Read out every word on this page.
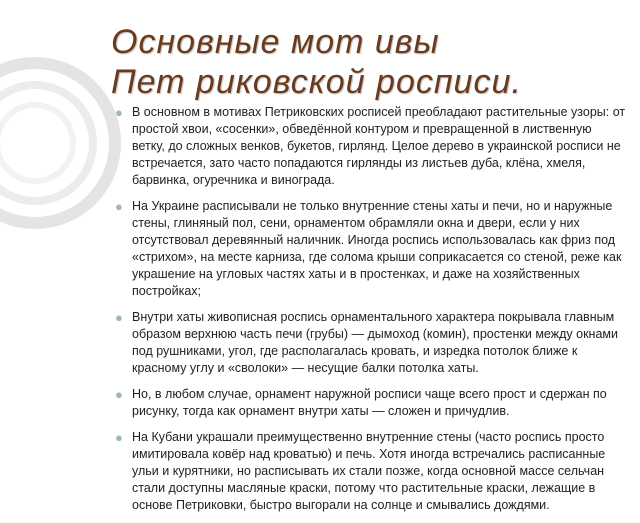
Основные мот ивы
Пет риковской росписи.
● В основном в мотивах Петриковских росписей преобладают растительные узоры: от простой хвои, «сосенки», обведённой контуром и превращенной в лиственную ветку, до сложных венков, букетов, гирлянд. Целое дерево в украинской росписи не встречается, зато часто попадаются гирлянды из листьев дуба, клёна, хмеля, барвинка, огуречника и винограда.
● На Украине расписывали не только внутренние стены хаты и печи, но и наружные стены, глиняный пол, сени, орнаментом обрамляли окна и двери, если у них отсутствовал деревянный наличник. Иногда роспись использовалась как фриз под «стрихом», на месте карниза, где солома крыши соприкасается со стеной, реже как украшение на угловых частях хаты и в простенках, и даже на хозяйственных постройках;
● Внутри хаты живописная роспись орнаментального характера покрывала главным образом верхнюю часть печи (грубы) — дымоход (комин), простенки между окнами под рушниками, угол, где располагалась кровать, и изредка потолок ближе к красному углу и «сволоки» — несущие балки потолка хаты.
● Но, в любом случае, орнамент наружной росписи чаще всего прост и сдержан по рисунку, тогда как орнамент внутри хаты — сложен и причудлив.
● На Кубани украшали преимущественно внутренние стены (часто роспись просто имитировала ковёр над кроватью) и печь. Хотя иногда встречались расписанные ульи и курятники, но расписывать их стали позже, когда основной массе сельчан стали доступны масляные краски, потому что растительные краски, лежащие в основе Петриковки, быстро выгорали на солнце и смывались дождями.
